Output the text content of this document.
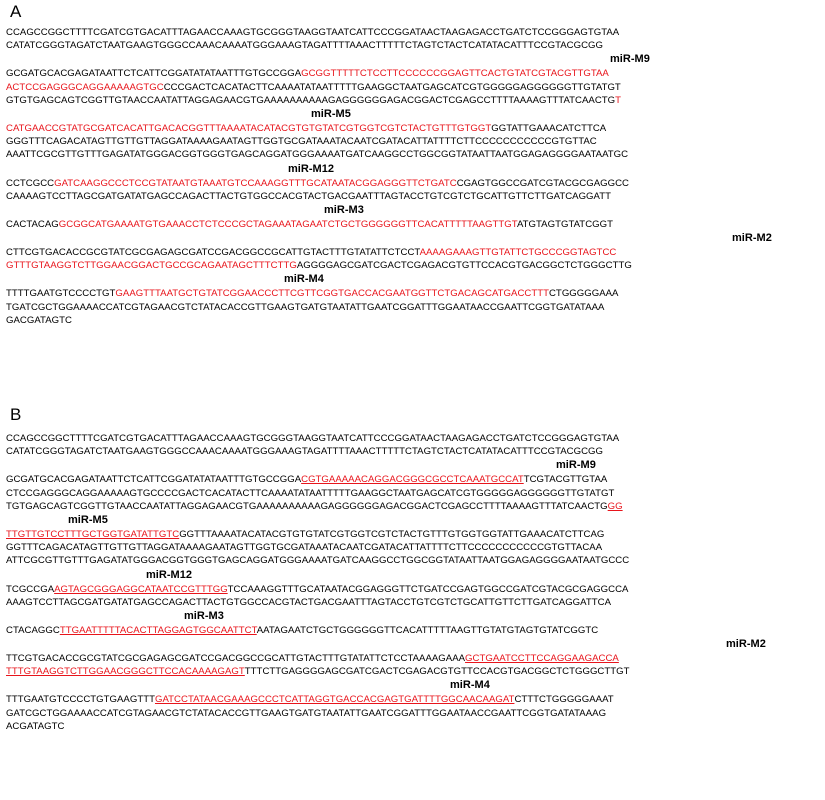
A
CCAGCCGGCTTTTCGATCGTGACATTTAGAACCAAAGTGCGGGTAAGGTAATCATTCCCGGATAACTAAGAGACCTGATCTCCGGGAGTGTAA
CATATCGGGTAGATCTAATGAAGTGGGCCAAACAAAATGGGAAAGTAGATTTTAAACTTTTTCTAGTCTACTCATATACATTTCCGTACGCGG
miR-M9
GCGATGCACGAGATAATTCTCATTCGGATATATAATTTGTGCCGGAGCGGTTTTTCTCCTTCCCCCCGGAGTTCACTGTATCGTACGTTGTAA
ACTCCGAGGGCAGGAAAAAGTGCCCCGACTCACATACTTCAAAATATAATTTTTGAAGGCTAATGAGCATCGTGGGGGAGGGGGGTTGTATGT
GTGTGAGCAGTCGGTTGTAACCAATATTAGGAGAACGTGAAAAAAAAAAGAGGGGGGAGACGGACTCGAGCCTTTTAAAAGTTTATCAACTGT
miR-M5
CATGAACCGTATGCGATCACATTGACACGGTTTAAAATACATACGTGTGTATCGTGGTCGTCTACTGTTTGTGGTGGTATTGAAACATCTTCA
GGGTTTCAGACATAGTTGTTGTTAGGATAAAAGAATAGTTGGTGCGATAAATACAATCGATACATTATTTTCTTCCCCCCCCCCCGTGTTAC
AAATTCGCGTTGTTTGAGATATGGGACGGTGGGTGAGCAGGATGGGAAAATGATCAAGGCCTGGCGGTATAATTAATGGAGAGGGGAATAATGC
miR-M12
CCTCGCCGATCAAGGCCCTCCGTATAATGTAAATGTCCAAAGGTTTGCATAATACGGAGGGTTCTGATCCGAGTGGCCGATCGTACGCGAGGCC
CAAAAGTCCTTAGCGATGATATGAGCCAGACTTACTGTGGCCACGTACTGACGAATTTAGTACCTGTCGTCTGCATTGTTCTTGATCAGGATT
miR-M3
CACTACAGGCGGCATGAAAATGTGAAACCTCTCCCGCTAGAAATAGAATCTGCTGGGGGGTTCACATTTTTAAGTTGTATGTAGTGTATCGGT
miR-M2
CTTCGTGACACCGCGTATCGCGAGAGCGATCCGACGGCCGCATTGTACTTTGTATATTCTCCTAAAAGAAAGTTGTATTCTGCCCGGTAGTCC
GTTTGTAAGGTCTTGGAACGGACTGCCGCAGAATAGCTTTCTTGAGGGGAGCGATCGACTCGAGACGTGTTCCACGTGACGGCTCTGGGCTTG
miR-M4
TTTTGAATGTCCCCTGTGAAGTTTAATGCTGTATCGGAACCCTTCGTTCGGTGACCACGAATGGTTCTGACAGCATGACCTTTCTGGGGGAAA
TGATCGCTGGAAAACCATCGTAGAACGTCTATACACCGTTGAAGTGATGTAATATTGAATCGGATTTGGAATAACCGAATTCGGTGATATAAA
GACGATAGTC
B
CCAGCCGGCTTTTCGATCGTGACATTTAGAACCAAAGTGCGGGTAAGGTAATCATTCCCGGATAACTAAGAGACCTGATCTCCGGGAGTGTAA
CATATCGGGTAGATCTAATGAAGTGGGCCAAACAAAATGGGAAAGTAGATTTTAAACTTTTTCTAGTCTACTCATATACATTTCCGTACGCGG
miR-M9
GCGATGCACGAGATAATTCTCATTCGGATATATAATTTGTGCCGGACGTGAAAAACAGGACGGGCGCCTCAAATGCCATTCGTACGTTGTAA
CTCCGAGGGCAGGAAAAAGTGCCCCGACTCACATACTTCAAAATATAATTTTTGAAGGCTAATGAGCATCGTGGGGGAGGGGGGTTGTATGT
TGTGAGCAGTCGGTTGTAACCAATATTAGGAGAACGTGAAAAAAAAAAGAGGGGGGAGACGGACTCGAGCCTTTTAAAAGTTTATCAACTGGG
miR-M5
TTGTTGTCCTTTGCTGGTGATATTGTCGGTTTAAAATACATACGTGTGTATCGTGGTCGTCTACTGTTTGTGGTGGTATTGAAACATCTTCAG
GGTTTCAGACATAGTTGTTGTTAGGATAAAAGAATAGTTGGTGCGATAAATACAATCGATACATTATTTTCTTCCCCCCCCCCCGTGTTACAA
ATTCGCGTTGTTTGAGATATGGGACGGTGGGTGAGCAGGATGGGAAAATGATCAAGGCCTGGCGGTATAATTAATGGAGAGGGGAATAATGCCC
miR-M12
TCGCCGAAGTAGCGGGAGGCATAATCCGTTTGGTCCAAAGGTTTGCATAATACGGAGGGTTCTGATCCGAGTGGCCGATCGTACGCGAGGCCA
AAAGTCCTTAGCGATGATATGAGCCAGACTTACTGTGGCCACGTACTGACGAATTTAGTACCTGTCGTCTGCATTGTTCTTGATCAGGATTCA
miR-M3
CTACAGGCTTGAATTTTTACACTTAGGAGTGGCAATTCTAATAGAATCTGCTGGGGGGTTCACATTTTTAAGTTGTATGTAGTGTATCGGTC
miR-M2
TTCGTGACACCGCGTATCGCGAGAGCGATCCGACGGCCGCATTGTACTTTGTATATTCTCCTAAAAGAAAGCTGAATCCTTCCAGGAAGACCA
TTTGTAAGGTCTTGGAACGGGCTTCCACAAAAGAGTTTTCTTGAGGGGAGCGATCGACTCGAGACGTGTTCCACGTGACGGCTCTGGGCTTGT
miR-M4
TTTGAATGTCCCCTGTGAAGTTTGATCCTATAACGAAAGCCCTCATTAGGTGACCACGAGTGATTTTGGCAACAAGATCTTTCTGGGGGAAAT
GATCGCTGGAAAACCATCGTAGAACGTCTATACACCGTTGAAGTGATGTAATATTGAATCGGATTTGGAATAACCGAATTCGGTGATATAAAG
ACGATAGTC
